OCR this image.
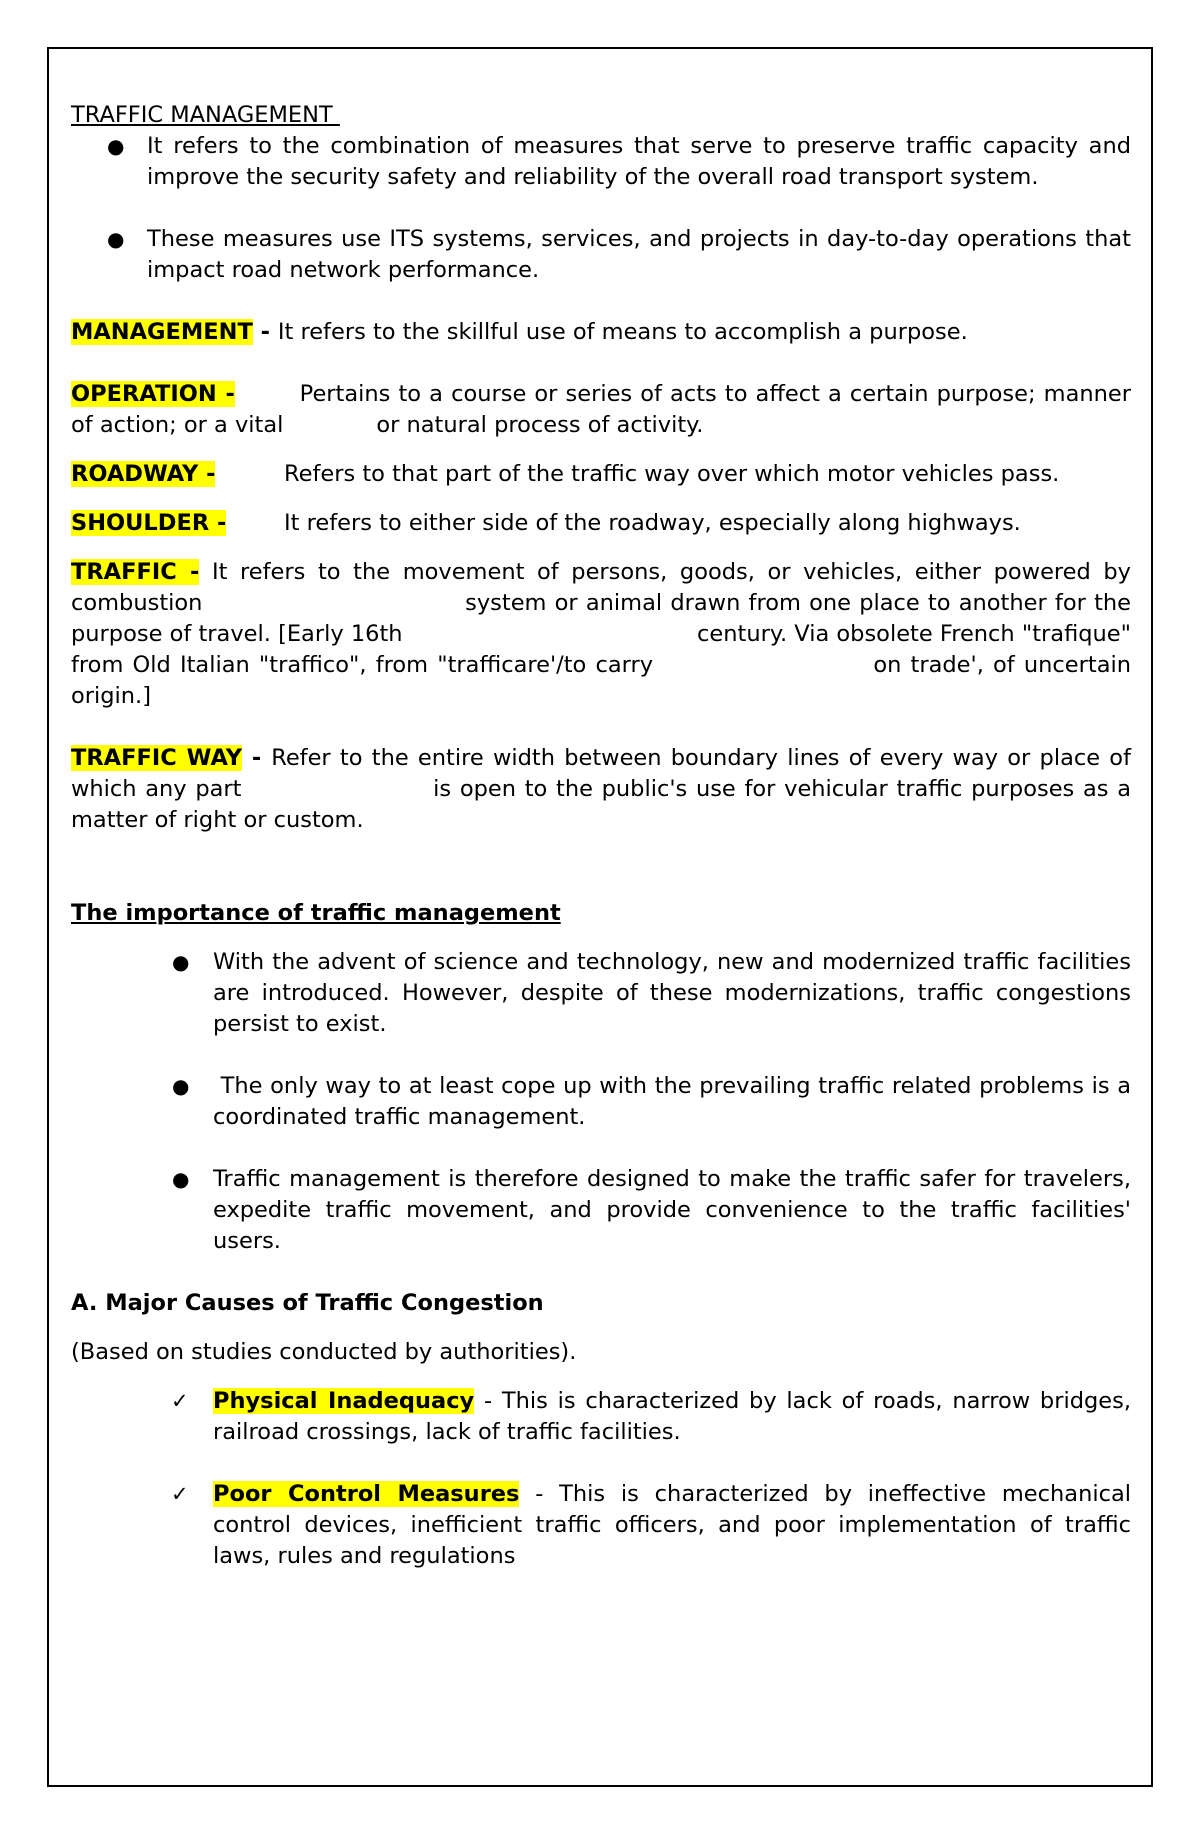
TRAFFIC MANAGEMENT

● It refers to the combination of measures that serve to preserve traffic capacity and improve the security safety and reliability of the overall road transport system.
● These measures use ITS systems, services, and projects in day-to-day operations that impact road network performance.

MANAGEMENT - It refers to the skillful use of means to accomplish a purpose.

OPERATION -	Pertains to a course or series of acts to affect a certain purpose; manner of action; or a vital             or natural process of activity.

ROADWAY -	Refers to that part of the traffic way over which motor vehicles pass.
SHOULDER -	It refers to either side of the roadway, especially along highways.

TRAFFIC - It refers to the movement of persons, goods, or vehicles, either powered by combustion                                system or animal drawn from one place to another for the purpose of travel. [Early 16th                                         century. Via obsolete French "trafique" from Old Italian "traffico", from "trafficare'/to carry                        on trade', of uncertain origin.]

TRAFFIC WAY - Refer to the entire width between boundary lines of every way or place of which any part                      is open to the public's use for vehicular traffic purposes as a matter of right or custom.

The importance of traffic management

● With the advent of science and technology, new and modernized traffic facilities are introduced. However, despite of these modernizations, traffic congestions persist to exist.
● The only way to at least cope up with the prevailing traffic related problems is a coordinated traffic management.
● Traffic management is therefore designed to make the traffic safer for travelers, expedite traffic movement, and provide convenience to the traffic facilities' users.

A. Major Causes of Traffic Congestion

(Based on studies conducted by authorities).

✓ Physical Inadequacy - This is characterized by lack of roads, narrow bridges, railroad crossings, lack of traffic facilities.
✓ Poor Control Measures - This is characterized by ineffective mechanical control devices, inefficient traffic officers, and poor implementation of traffic laws, rules and regulations
